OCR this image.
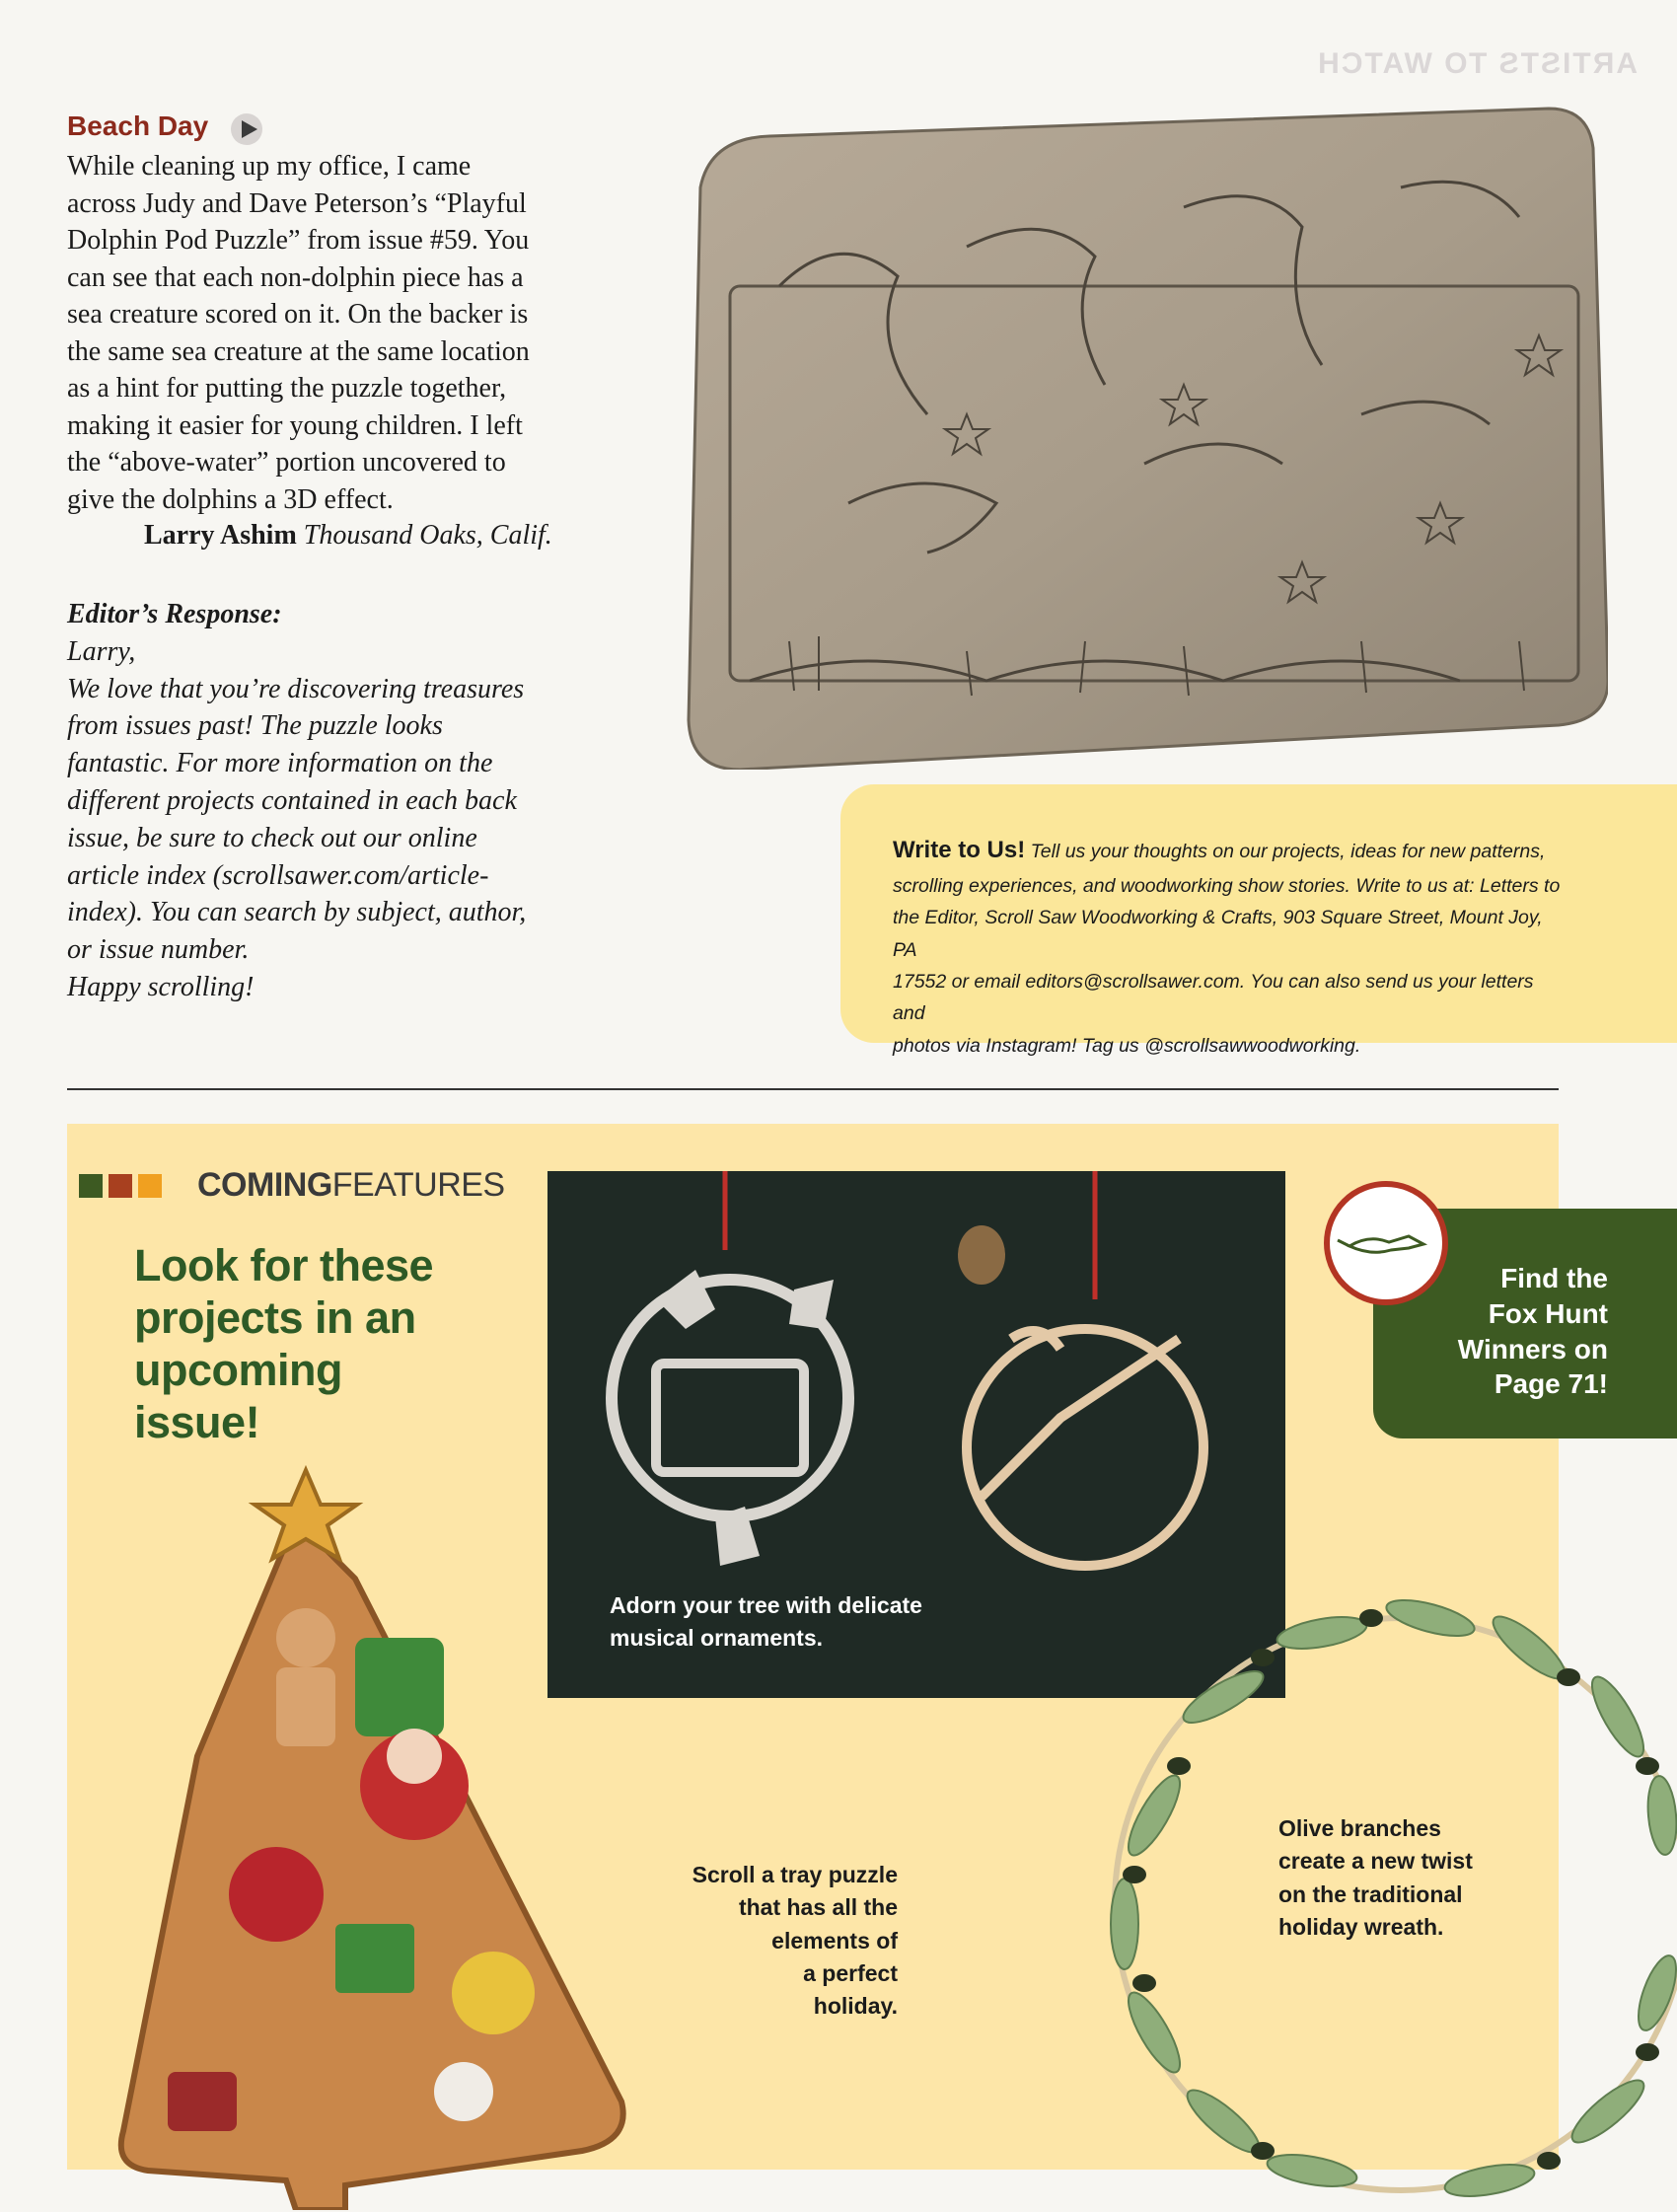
ARTISTS TO WATCH
Beach Day

While cleaning up my office, I came

across Judy and Dave Peterson’s “Playful

Dolphin Pod Puzzle” from issue #59. You

can see that each non-dolphin piece has a

sea creature scored on it. On the backer is

the same sea creature at the same location

as a hint for putting the puzzle together,

making it easier for young children. I left

the “above-water” portion uncovered to

give the dolphins a 3D effect.

Larry Ashim Thousand Oaks, Calif.
Editor’s Response:
Larry,
We love that you’re discovering treasures
from issues past! The puzzle looks
fantastic. For more information on the
different projects contained in each back
issue, be sure to check out our online
article index (scrollsawer.com/article-
index). You can search by subject, author,
or issue number.
Happy scrolling!
Write to Us! Tell us your thoughts on our projects, ideas for new patterns,
scrolling experiences, and woodworking show stories. Write to us at: Letters to
the Editor, Scroll Saw Woodworking & Crafts, 903 Square Street, Mount Joy, PA
17552 or email editors@scrollsawer.com. You can also send us your letters and
photos via Instagram! Tag us @scrollsawwoodworking.
COMINGFEATURES
Look for these
projects in an
upcoming
issue!
Adorn your tree with delicate
musical ornaments.
Find the
Fox Hunt
Winners on
Page 71!
Scroll a tray puzzle
that has all the
elements of
a perfect
holiday.
Olive branches
create a new twist
on the traditional
holiday wreath.
